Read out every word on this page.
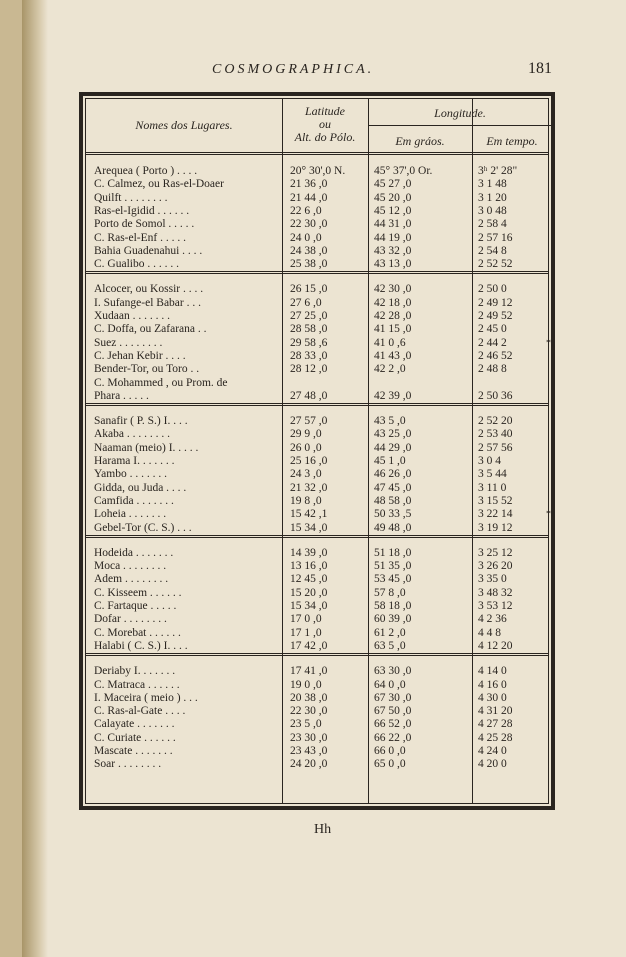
COSMOGRAPHICA.	181
Nomes dos Lugares.
Latitude
ou
Alt. do Pólo.
Longitude.
Em gráos.	Em tempo.
Arequea ( Porto ) . . . .	20° 30',0 N.	45° 37',0 Or.	3ʰ 2' 28"
C. Calmez, ou Ras-el-Doaer	21 36 ,0	45 27 ,0	3 1 48
Quilft . . . . . . . .	21 44 ,0	45 20 ,0	3 1 20
Ras-el-Igidid . . . . . .	22 6 ,0	45 12 ,0	3 0 48
Porto de Somol . . . . .	22 30 ,0	44 31 ,0	2 58 4
C. Ras-el-Enf . . . . .	24 0 ,0	44 19 ,0	2 57 16
Bahia Guadenahui . . . .	24 38 ,0	43 32 ,0	2 54 8
C. Gualibo . . . . . .	25 38 ,0	43 13 ,0	2 52 52
Alcocer, ou Kossir . . . .	26 15 ,0	42 30 ,0	2 50 0
I. Sufange-el Babar . . .	27 6 ,0	42 18 ,0	2 49 12
Xudaan . . . . . . .	27 25 ,0	42 28 ,0	2 49 52
C. Doffa, ou Zafarana . .	28 58 ,0	41 15 ,0	2 45 0
Suez . . . . . . . .	29 58 ,6	41 0 ,6	2 44 2	*
C. Jehan Kebir . . . .	28 33 ,0	41 43 ,0	2 46 52
Bender-Tor, ou Toro . .	28 12 ,0	42 2 ,0	2 48 8
C. Mohammed , ou Prom. de
Phara . . . . .	27 48 ,0	42 39 ,0	2 50 36
Sanafir ( P. S.) I. . . .	27 57 ,0	43 5 ,0	2 52 20
Akaba . . . . . . . .	29 9 ,0	43 25 ,0	2 53 40
Naaman (meio) I. . . . .	26 0 ,0	44 29 ,0	2 57 56
Harama I. . . . . . .	25 16 ,0	45 1 ,0	3 0 4
Yambo . . . . . . .	24 3 ,0	46 26 ,0	3 5 44
Gidda, ou Juda . . . .	21 32 ,0	47 45 ,0	3 11 0
Camfida . . . . . . .	19 8 ,0	48 58 ,0	3 15 52
Loheia . . . . . . .	15 42 ,1	50 33 ,5	3 22 14	*
Gebel-Tor (C. S.) . . .	15 34 ,0	49 48 ,0	3 19 12
Hodeida . . . . . . .	14 39 ,0	51 18 ,0	3 25 12
Moca . . . . . . . .	13 16 ,0	51 35 ,0	3 26 20
Adem . . . . . . . .	12 45 ,0	53 45 ,0	3 35 0
C. Kisseem . . . . . .	15 20 ,0	57 8 ,0	3 48 32
C. Fartaque . . . . .	15 34 ,0	58 18 ,0	3 53 12
Dofar . . . . . . . .	17 0 ,0	60 39 ,0	4 2 36
C. Morebat . . . . . .	17 1 ,0	61 2 ,0	4 4 8
Halabi ( C. S.) I. . . .	17 42 ,0	63 5 ,0	4 12 20
Deriaby I. . . . . . .	17 41 ,0	63 30 ,0	4 14 0
C. Matraca . . . . . .	19 0 ,0	64 0 ,0	4 16 0
I. Maceira ( meio ) . . .	20 38 ,0	67 30 ,0	4 30 0
C. Ras-al-Gate . . . .	22 30 ,0	67 50 ,0	4 31 20
Calayate . . . . . . .	23 5 ,0	66 52 ,0	4 27 28
C. Curiate . . . . . .	23 30 ,0	66 22 ,0	4 25 28
Mascate . . . . . . .	23 43 ,0	66 0 ,0	4 24 0
Soar . . . . . . . .	24 20 ,0	65 0 ,0	4 20 0
Hh
